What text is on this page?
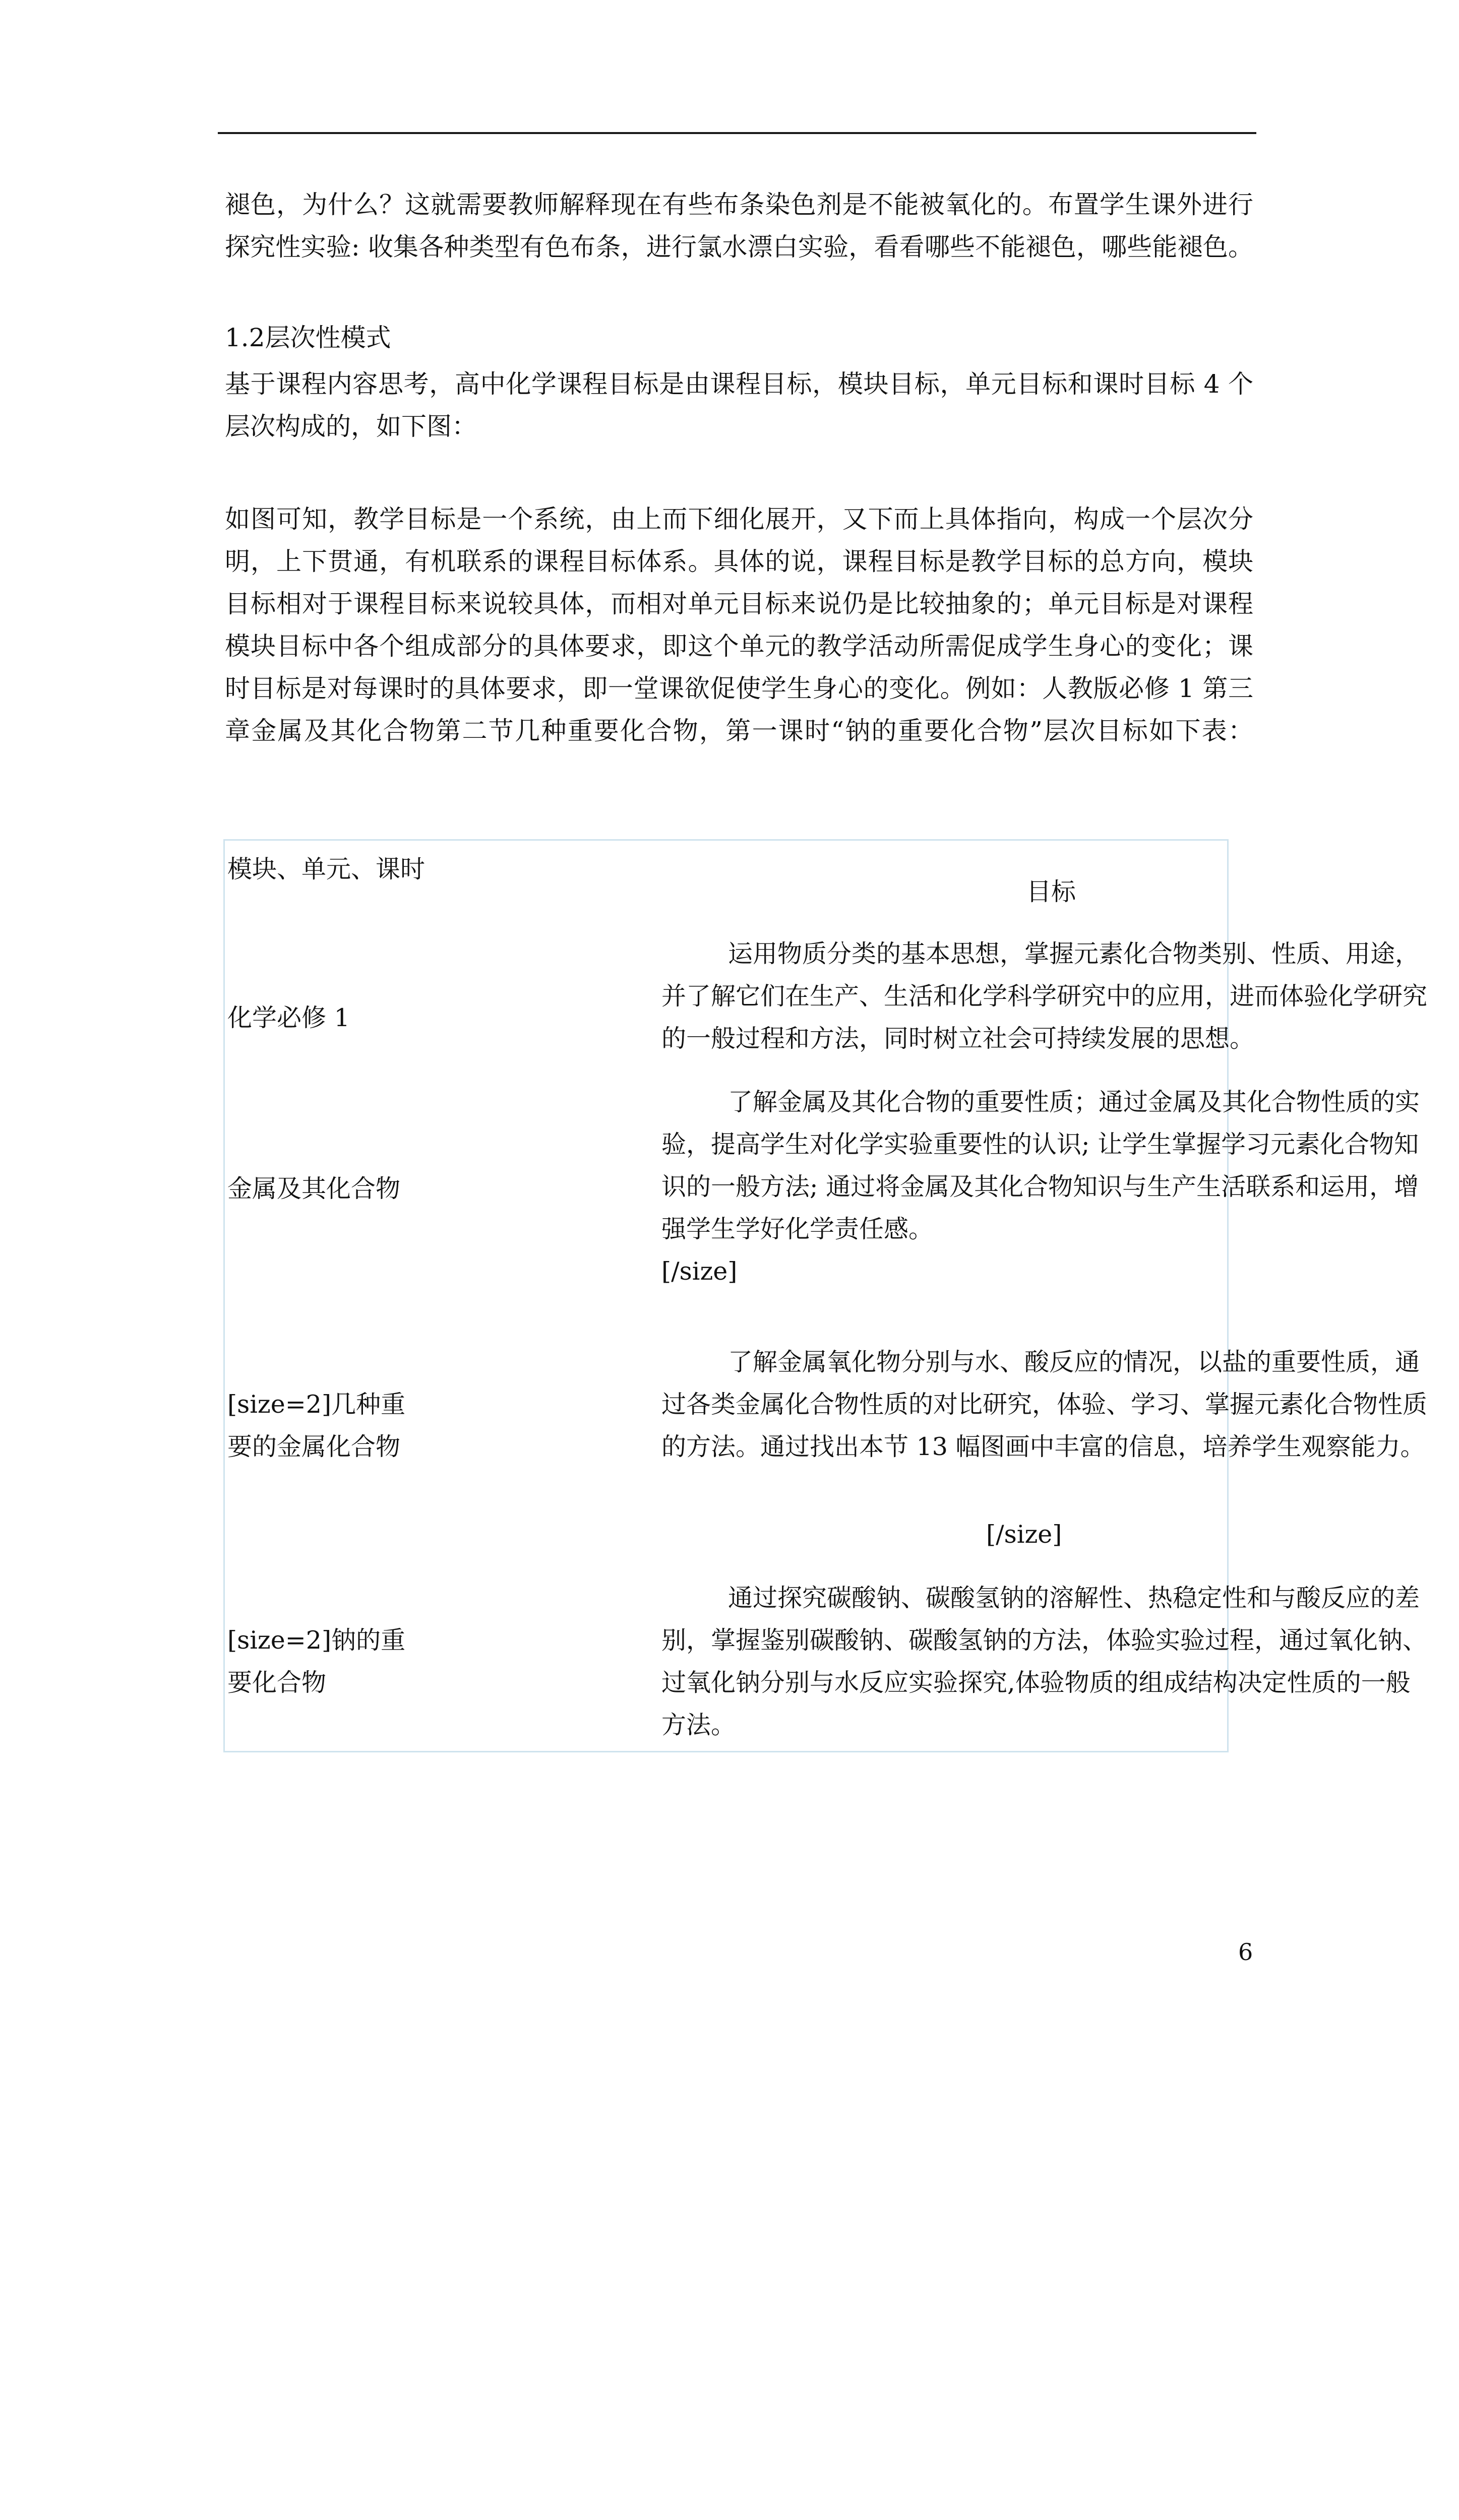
褪色，为什么？这就需要教师解释现在有些布条染色剂是不能被氧化的。布置学生课外进行
探究性实验: 收集各种类型有色布条，进行氯水漂白实验，看看哪些不能褪色，哪些能褪色。
1.2层次性模式
基于课程内容思考，高中化学课程目标是由课程目标，模块目标，单元目标和课时目标 4 个
层次构成的，如下图：
如图可知，教学目标是一个系统，由上而下细化展开，又下而上具体指向，构成一个层次分
明，上下贯通，有机联系的课程目标体系。具体的说，课程目标是教学目标的总方向，模块
目标相对于课程目标来说较具体，而相对单元目标来说仍是比较抽象的；单元目标是对课程
模块目标中各个组成部分的具体要求，即这个单元的教学活动所需促成学生身心的变化；课
时目标是对每课时的具体要求，即一堂课欲促使学生身心的变化。例如：人教版必修 1 第三
章金属及其化合物第二节几种重要化合物，第一课时“钠的重要化合物”层次目标如下表：
模块、单元、课时
化学必修 1
金属及其化合物
[size=2]几种重
要的金属化合物
[size=2]钠的重
要化合物
目标
运用物质分类的基本思想，掌握元素化合物类别、性质、用途，
并了解它们在生产、生活和化学科学研究中的应用，进而体验化学研究
的一般过程和方法，同时树立社会可持续发展的思想。
了解金属及其化合物的重要性质；通过金属及其化合物性质的实
验，提高学生对化学实验重要性的认识; 让学生掌握学习元素化合物知
识的一般方法; 通过将金属及其化合物知识与生产生活联系和运用，增
强学生学好化学责任感。
[/size]
了解金属氧化物分别与水、酸反应的情况，以盐的重要性质，通
过各类金属化合物性质的对比研究，体验、学习、掌握元素化合物性质
的方法。通过找出本节 13 幅图画中丰富的信息，培养学生观察能力。
[/size]
通过探究碳酸钠、碳酸氢钠的溶解性、热稳定性和与酸反应的差
别，掌握鉴别碳酸钠、碳酸氢钠的方法，体验实验过程，通过氧化钠、
过氧化钠分别与水反应实验探究,体验物质的组成结构决定性质的一般
方法。
6
